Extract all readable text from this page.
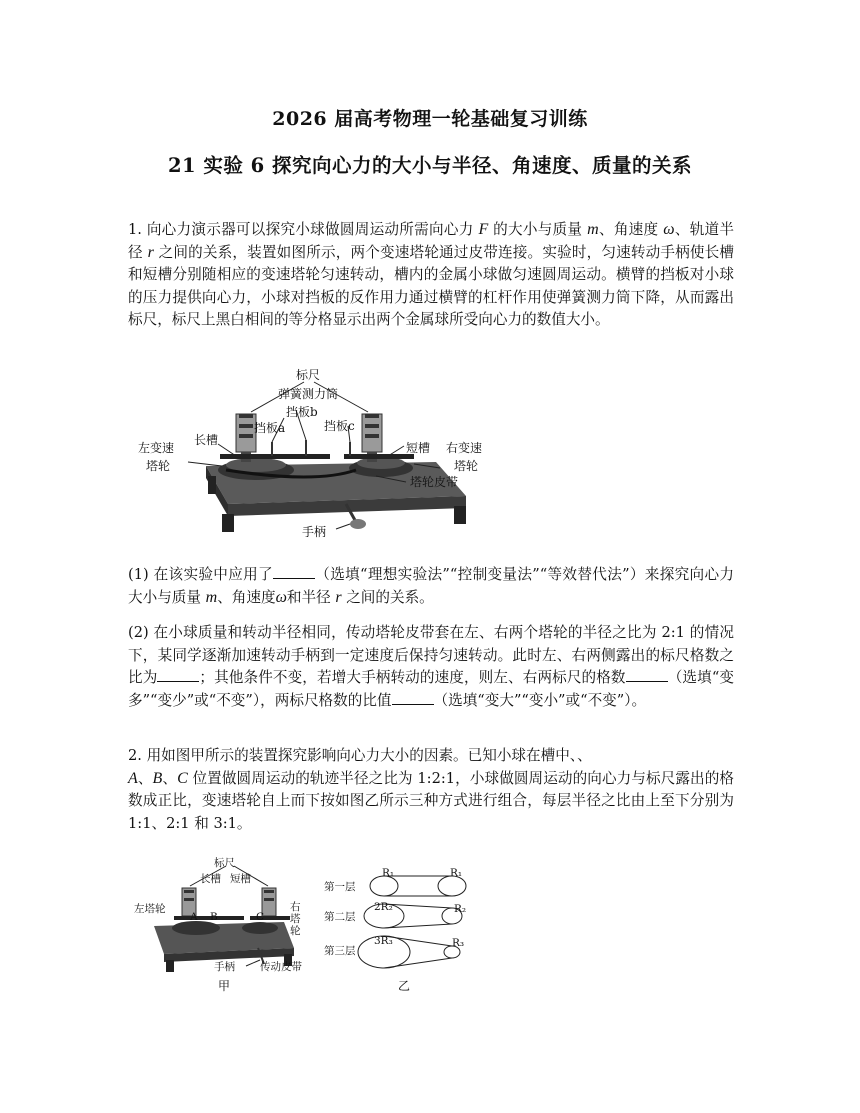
2026 届高考物理一轮基础复习训练
21 实验 6 探究向心力的大小与半径、角速度、质量的关系
1. 向心力演示器可以探究小球做圆周运动所需向心力 F 的大小与质量 m、角速度 ω、轨道半径 r 之间的关系，装置如图所示，两个变速塔轮通过皮带连接。实验时，匀速转动手柄使长槽和短槽分别随相应的变速塔轮匀速转动，槽内的金属小球做匀速圆周运动。横臂的挡板对小球的压力提供向心力，小球对挡板的反作用力通过横臂的杠杆作用使弹簧测力筒下降，从而露出标尺，标尺上黑白相间的等分格显示出两个金属球所受向心力的数值大小。
标尺
弹簧测力筒
挡板b
挡板a	挡板c
长槽
短槽
左变速
塔轮
右变速
塔轮
塔轮皮带
手柄
(1) 在该实验中应用了	（选填“理想实验法”“控制变量法”“等效替代法”）来探究向心力大小与质量 m、角速度ω和半径 r 之间的关系。
(2) 在小球质量和转动半径相同，传动塔轮皮带套在左、右两个塔轮的半径之比为 2:1 的情况下，某同学逐渐加速转动手柄到一定速度后保持匀速转动。此时左、右两侧露出的标尺格数之比为	；其他条件不变，若增大手柄转动的速度，则左、右两标尺的格数	（选填“变多”“变少”或“不变”），两标尺格数的比值	（选填“变大”“变小”或“不变”）。
2. 用如图甲所示的装置探究影响向心力大小的因素。已知小球在槽中、、
A、B、C 位置做圆周运动的轨迹半径之比为 1:2:1，小球做圆周运动的向心力与标尺露出的格数成正比，变速塔轮自上而下按如图乙所示三种方式进行组合，每层半径之比由上至下分别为 1:1、2:1 和 3:1。
标尺
长槽 短槽
左塔轮	右
塔
轮
A B	C
手柄 传动皮带
甲
第一层
第二层
第三层
R₁	R₁
2R₂	R₂
3R₃	R₃
乙
